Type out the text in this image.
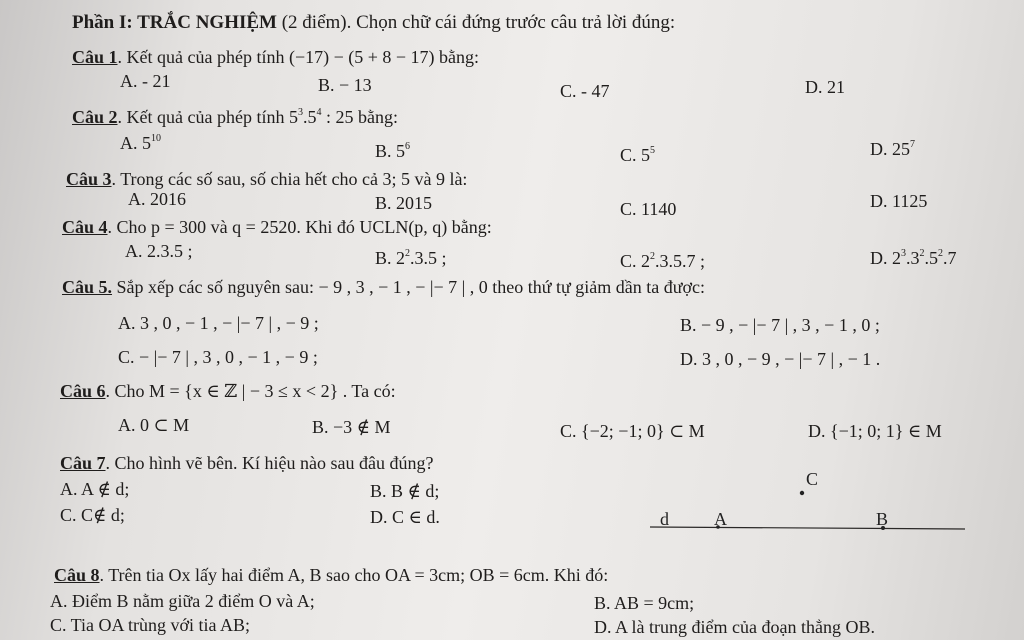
Phần I: TRẮC NGHIỆM (2 điểm). Chọn chữ cái đứng trước câu trả lời đúng:
Câu 1. Kết quả của phép tính (−17) − (5 + 8 − 17) bằng:
A. - 21	B. − 13	C. - 47	D. 21
Câu 2. Kết quả của phép tính $5^3.5^4$ : 25 bằng:
A. $5^{10}$
B. $5^6$	C. $5^5$	D. $25^7$
Câu 3. Trong các số sau, số chia hết cho cả 3; 5 và 9 là:
A. 2016	B. 2015	C. 1140	D. 1125
Câu 4. Cho p = 300 và q = 2520. Khi đó UCLN(p, q) bằng:
A. 2.3.5 ;	B. $2^2.3.5$ ;	C. $2^2.3.5.7$ ;	D. $2^3.3^2.5^2.7$
Câu 5. Sắp xếp các số nguyên sau: − 9 , 3 , − 1 , − |− 7 | , 0 theo thứ tự giảm dần ta được:
A. 3 , 0 , − 1 , − |− 7 | , − 9 ;	B. − 9 , − |− 7 | , 3 , − 1 , 0 ;
C. − |− 7 | , 3 , 0 , − 1 , − 9 ;	D. 3 , 0 , − 9 , − |− 7 | , − 1 .
Câu 6. Cho M = {x ∈ ℤ | − 3 ≤ x < 2} . Ta có:
A. 0 ⊂ M	B. −3 ∉ M	C. {−2; −1; 0} ⊂ M	D. {−1; 0; 1} ∈ M
Câu 7. Cho hình vẽ bên. Kí hiệu nào sau đâu đúng?
A. A ∉ d;	B. B ∉ d;
C. C∉ d;	D. C ∈ d.
C
d	A	B
Câu 8. Trên tia Ox lấy hai điểm A, B sao cho OA = 3cm; OB = 6cm. Khi đó:
A. Điểm B nằm giữa 2 điểm O và A;	B. AB = 9cm;
C. Tia OA trùng với tia AB;	D. A là trung điểm của đoạn thẳng OB.
